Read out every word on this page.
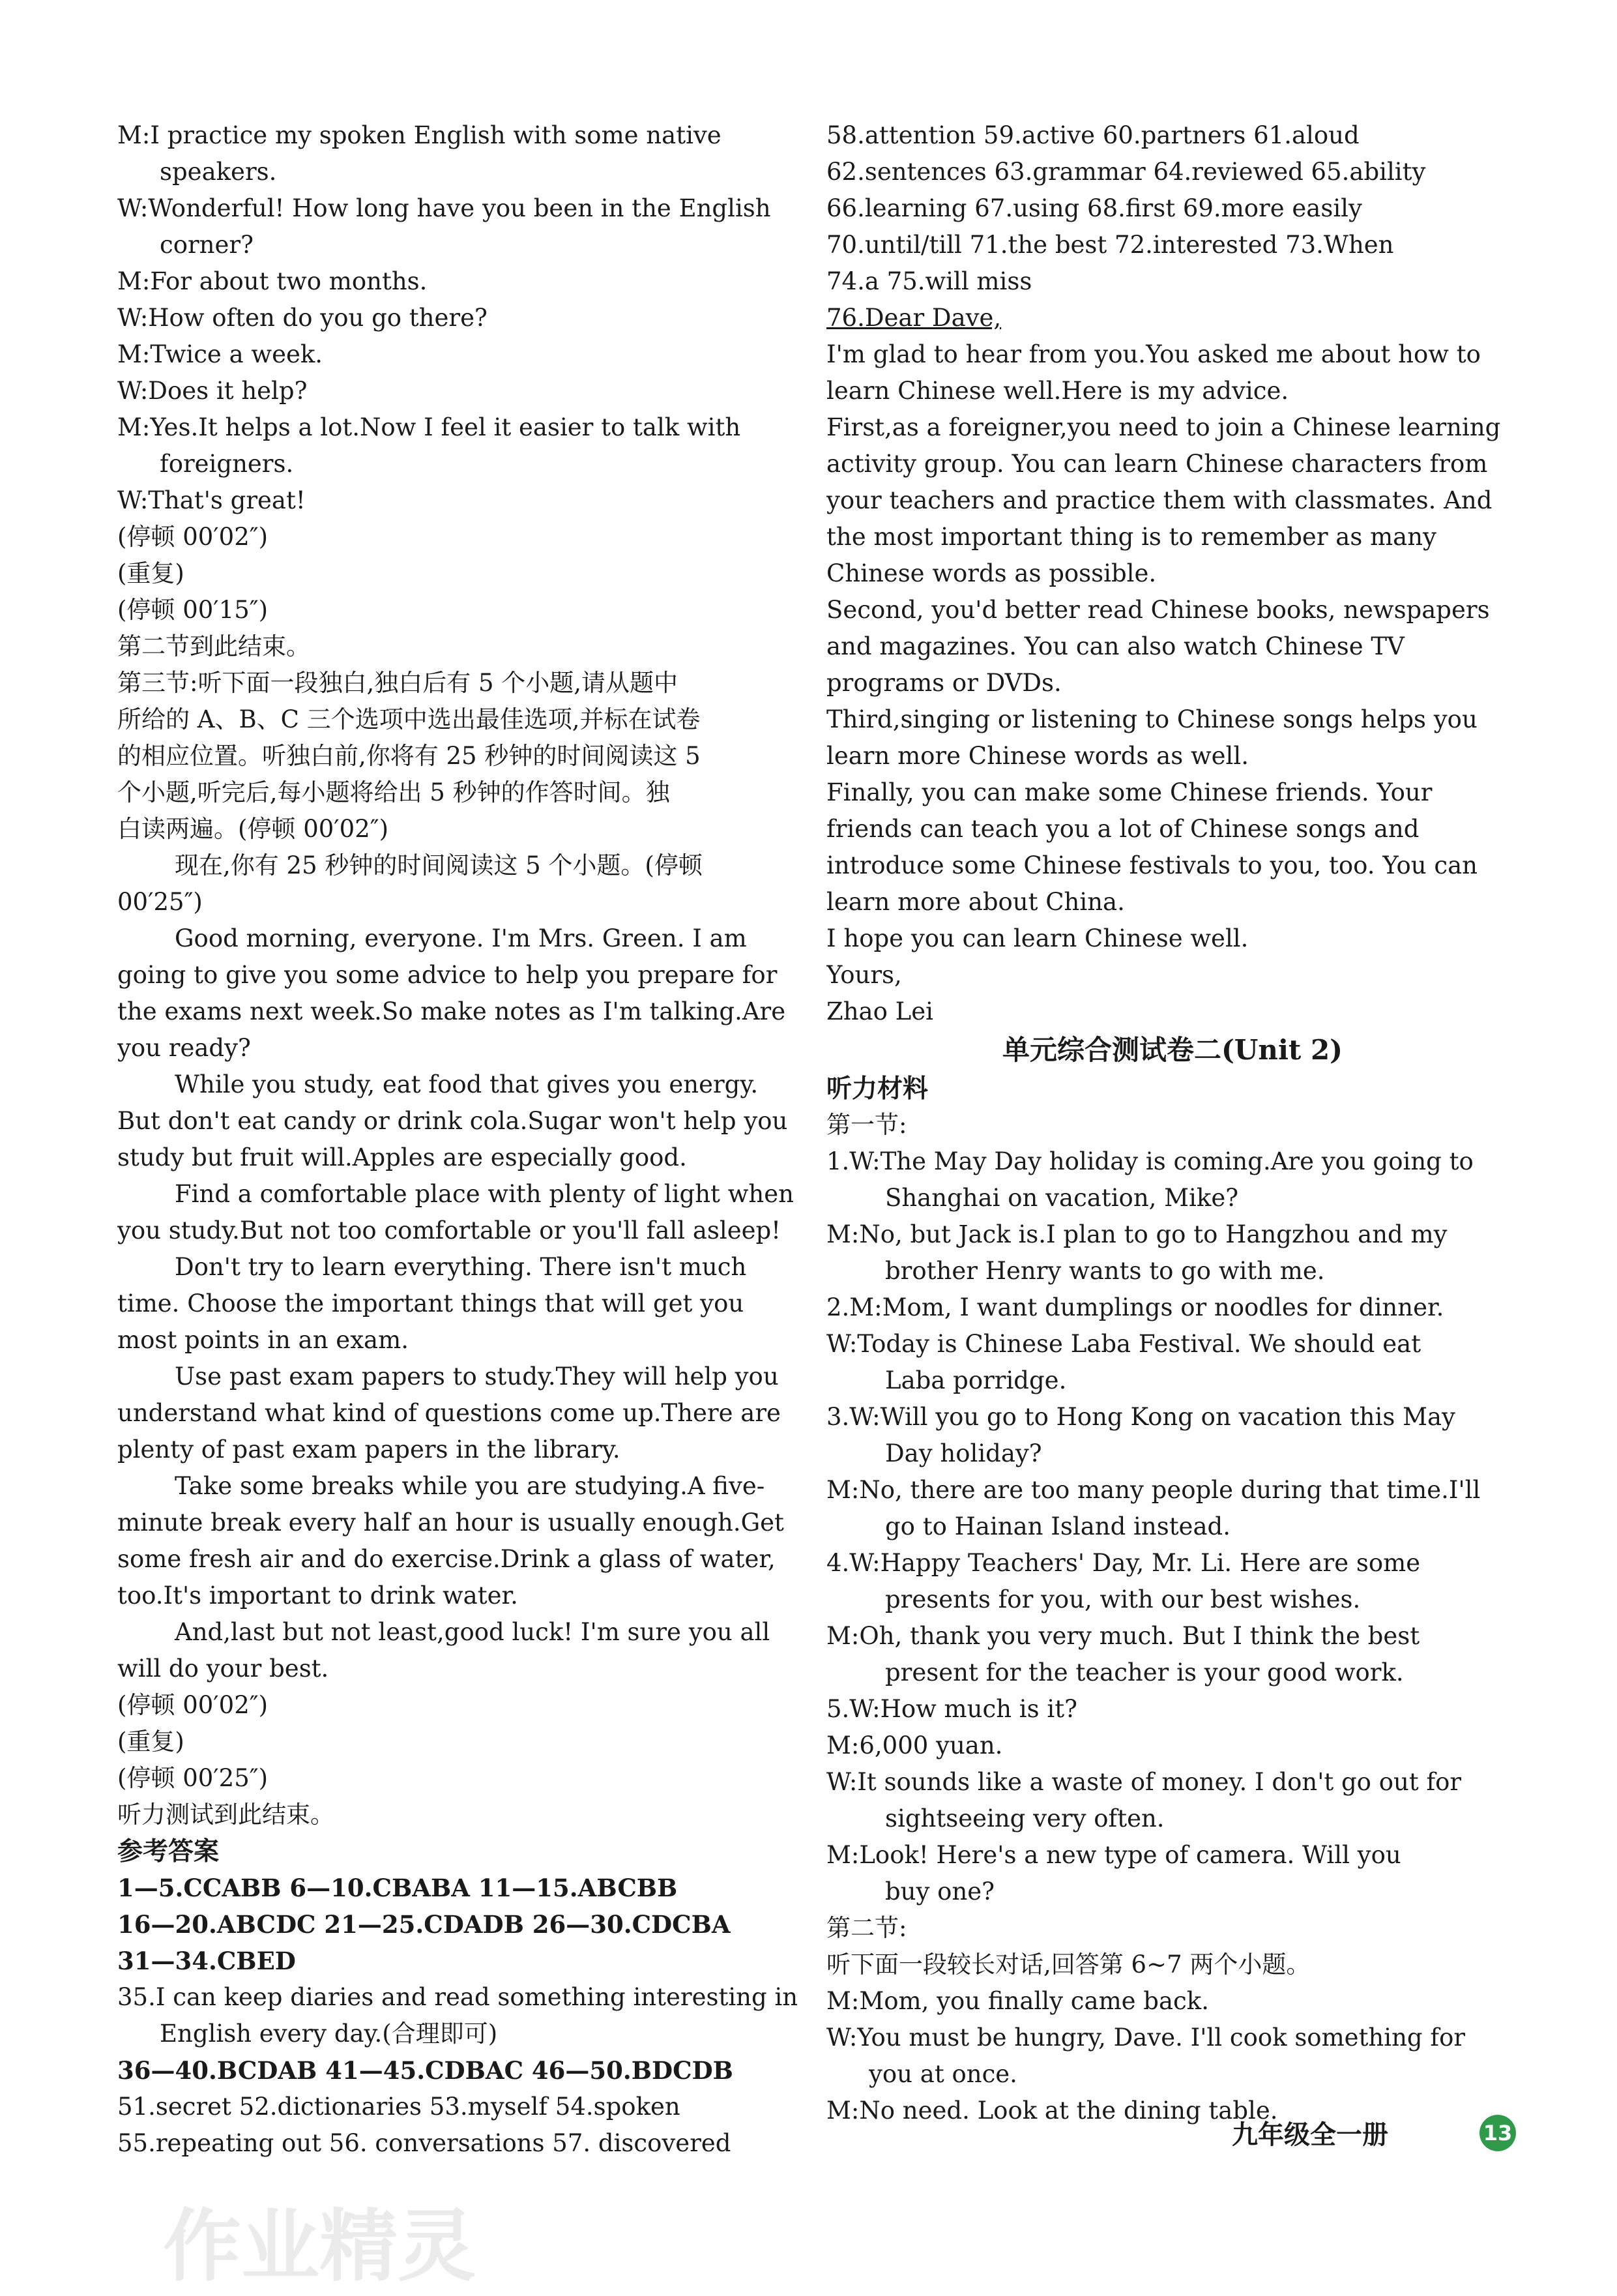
M:I practice my spoken English with some native
speakers.
W:Wonderful! How long have you been in the English
corner?
M:For about two months.
W:How often do you go there?
M:Twice a week.
W:Does it help?
M:Yes.It helps a lot.Now I feel it easier to talk with
foreigners.
W:That's great!
(停顿 00′02″)
(重复)
(停顿 00′15″)
第二节到此结束。
第三节:听下面一段独白,独白后有 5 个小题,请从题中
所给的 A、B、C 三个选项中选出最佳选项,并标在试卷
的相应位置。听独白前,你将有 25 秒钟的时间阅读这 5
个小题,听完后,每小题将给出 5 秒钟的作答时间。独
白读两遍。(停顿 00′02″)
现在,你有 25 秒钟的时间阅读这 5 个小题。(停顿
00′25″)
Good morning, everyone. I'm Mrs. Green. I am
going to give you some advice to help you prepare for
the exams next week.So make notes as I'm talking.Are
you ready?
While you study, eat food that gives you energy.
But don't eat candy or drink cola.Sugar won't help you
study but fruit will.Apples are especially good.
Find a comfortable place with plenty of light when
you study.But not too comfortable or you'll fall asleep!
Don't try to learn everything. There isn't much
time. Choose the important things that will get you
most points in an exam.
Use past exam papers to study.They will help you
understand what kind of questions come up.There are
plenty of past exam papers in the library.
Take some breaks while you are studying.A five-
minute break every half an hour is usually enough.Get
some fresh air and do exercise.Drink a glass of water,
too.It's important to drink water.
And,last but not least,good luck! I'm sure you all
will do your best.
(停顿 00′02″)
(重复)
(停顿 00′25″)
听力测试到此结束。
参考答案
1—5.CCABB 6—10.CBABA 11—15.ABCBB
16—20.ABCDC 21—25.CDADB 26—30.CDCBA
31—34.CBED
35.I can keep diaries and read something interesting in
English every day.(合理即可)
36—40.BCDAB 41—45.CDBAC 46—50.BDCDB
51.secret 52.dictionaries 53.myself 54.spoken
55.repeating out 56. conversations 57. discovered
58.attention 59.active 60.partners 61.aloud
62.sentences 63.grammar 64.reviewed 65.ability
66.learning 67.using 68.first 69.more easily
70.until/till 71.the best 72.interested 73.When
74.a 75.will miss
76.Dear Dave,
I'm glad to hear from you.You asked me about how to
learn Chinese well.Here is my advice.
First,as a foreigner,you need to join a Chinese learning
activity group. You can learn Chinese characters from
your teachers and practice them with classmates. And
the most important thing is to remember as many
Chinese words as possible.
Second, you'd better read Chinese books, newspapers
and magazines. You can also watch Chinese TV
programs or DVDs.
Third,singing or listening to Chinese songs helps you
learn more Chinese words as well.
Finally, you can make some Chinese friends. Your
friends can teach you a lot of Chinese songs and
introduce some Chinese festivals to you, too. You can
learn more about China.
I hope you can learn Chinese well.
Yours,
Zhao Lei
单元综合测试卷二(Unit 2)
听力材料
第一节:
1.W:The May Day holiday is coming.Are you going to
Shanghai on vacation, Mike?
M:No, but Jack is.I plan to go to Hangzhou and my
brother Henry wants to go with me.
2.M:Mom, I want dumplings or noodles for dinner.
W:Today is Chinese Laba Festival. We should eat
Laba porridge.
3.W:Will you go to Hong Kong on vacation this May
Day holiday?
M:No, there are too many people during that time.I'll
go to Hainan Island instead.
4.W:Happy Teachers' Day, Mr. Li. Here are some
presents for you, with our best wishes.
M:Oh, thank you very much. But I think the best
present for the teacher is your good work.
5.W:How much is it?
M:6,000 yuan.
W:It sounds like a waste of money. I don't go out for
sightseeing very often.
M:Look! Here's a new type of camera. Will you
buy one?
第二节:
听下面一段较长对话,回答第 6~7 两个小题。
M:Mom, you finally came back.
W:You must be hungry, Dave. I'll cook something for
you at once.
M:No need. Look at the dining table.
作业精灵
九年级全一册	13
